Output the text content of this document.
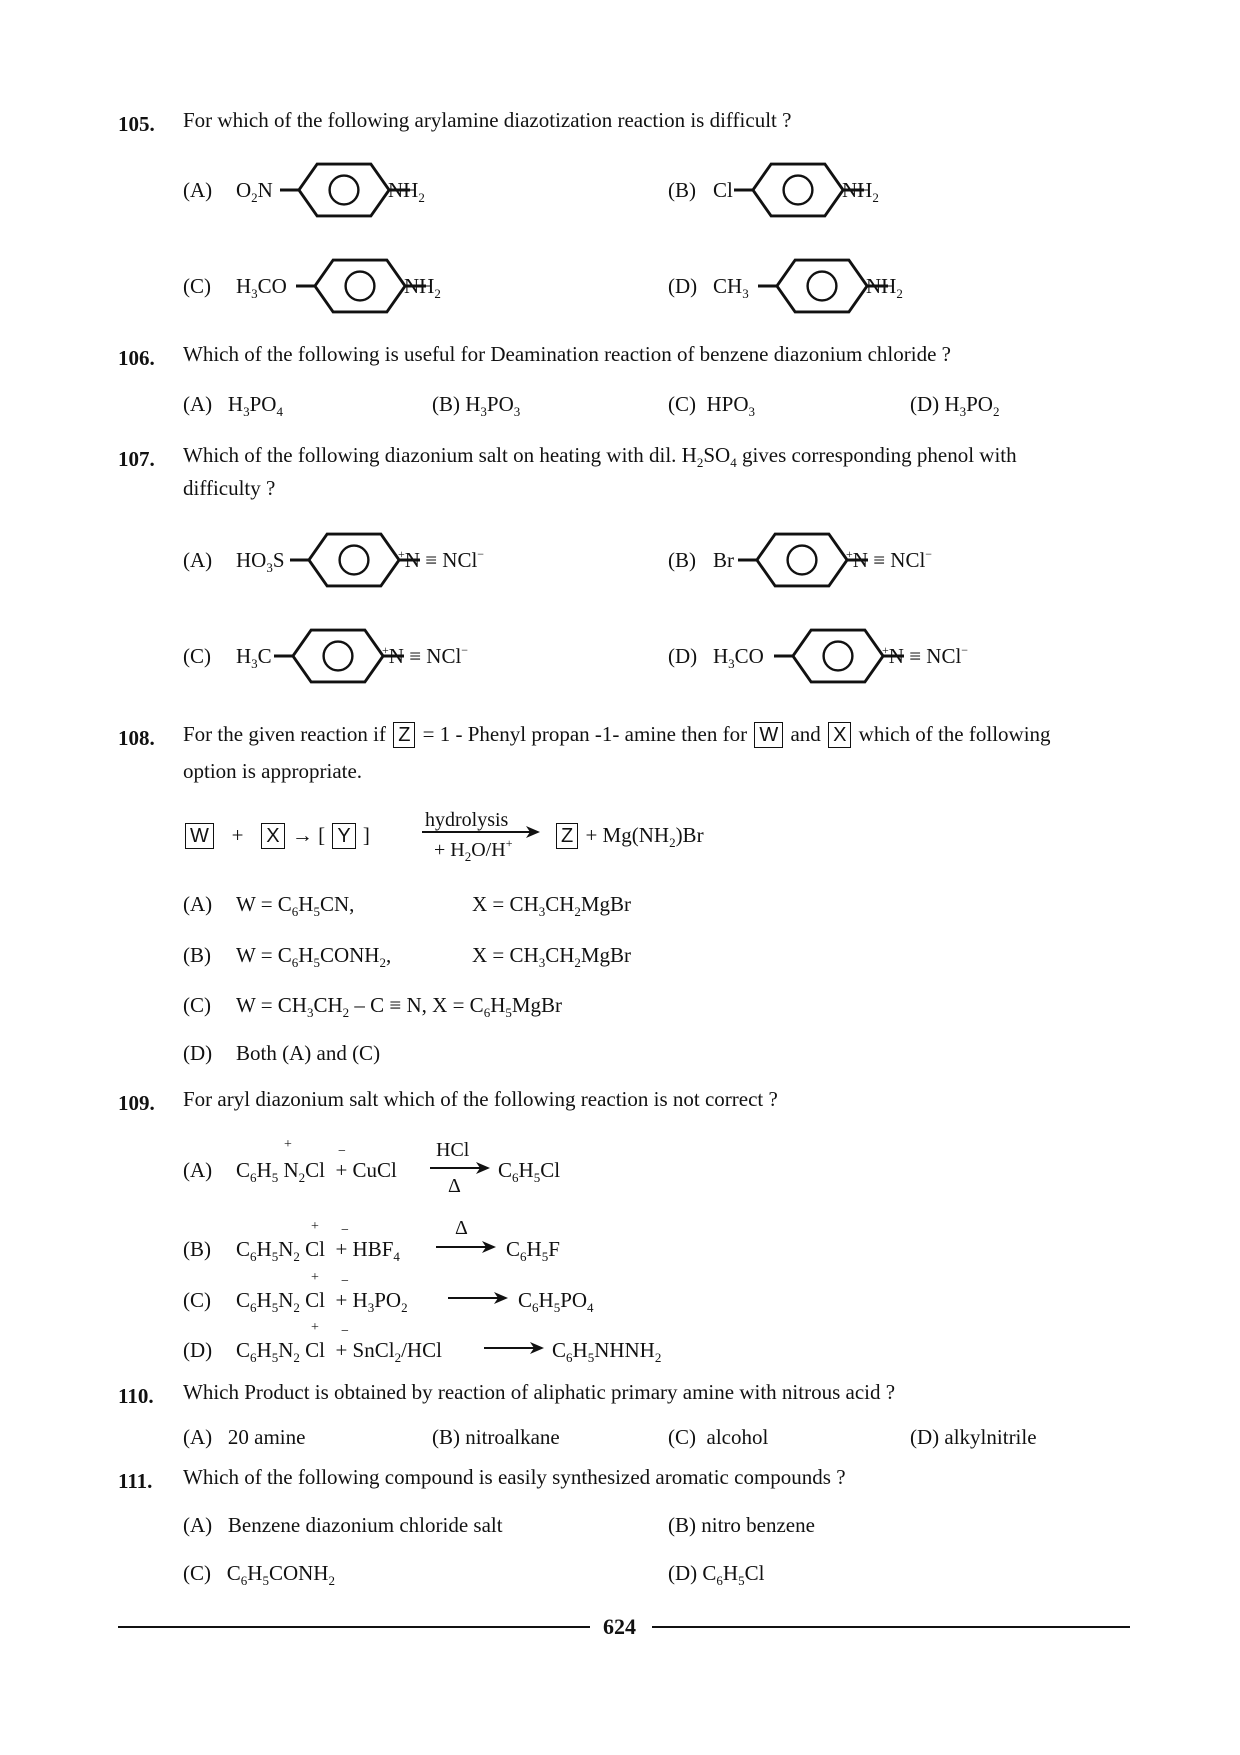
105. For which of the following arylamine diazotization reaction is difficult ?
(A) $O_2N$	$NH_2$	(B) Cl	$NH_2$
(C) $H_3CO$	$NH_2$	(D) $CH_3$	$NH_2$
106. Which of the following is useful for Deamination reaction of benzene diazonium chloride ?
(A) $H_3PO_4$	(B) $H_3PO_3$	(C) $HPO_3$	(D) $H_3PO_2$
107. Which of the following diazonium salt on heating with dil. $H_2SO_4$ gives corresponding phenol with
difficulty ?
(A) $HO_3S$	+N ≡ NCl−	(B) Br	+N ≡ NCl−
(C) $H_3C$	+N ≡ NCl−	(D) $H_3CO$	+N ≡ NCl−
108. For the given reaction if Z = 1 - Phenyl propan -1- amine then for W and X which of the following
option is appropriate.
W + X → [ Y ]
hydrolysis
+ $H_2O/H^+$	$Z + Mg(NH_2)Br$
(A) $W = C_6H_5CN$,	$X = CH_3CH_2MgBr$
(B) $W = C_6H_5CONH_2$,	$X = CH_3CH_2MgBr$
(C) $W = CH_3CH_2 - C \equiv N$, $X = C_6H_5MgBr$
(D) Both (A) and (C)
109. For aryl diazonium salt which of the following reaction is not correct ?
(A) $C_6H_5$ $N_2Cl$ + CuCl
+	−	HCl
Δ
$C_6H_5Cl$
(B) $C_6H_5N_2$ $Cl + HBF_4$
+ −	Δ
→ $C_6H_5F$
(C) $C_6H_5N_2$ $Cl + H_3PO_2$
+ −
→ $C_6H_5PO_4$
(D) $C_6H_5N_2$ Cl + SnCl$_2$/HCl
+ −
→ $C_6H_5NHNH_2$
110. Which Product is obtained by reaction of aliphatic primary amine with nitrous acid ?
(A) 20 amine	(B) nitroalkane	(C) alcohol	(D) alkylnitrile
111. Which of the following compound is easily synthesized aromatic compounds ?
(A) Benzene diazonium chloride salt	(B) nitro benzene
(C) $C_6H_5CONH_2$	(D) $C_6H_5Cl$
624
